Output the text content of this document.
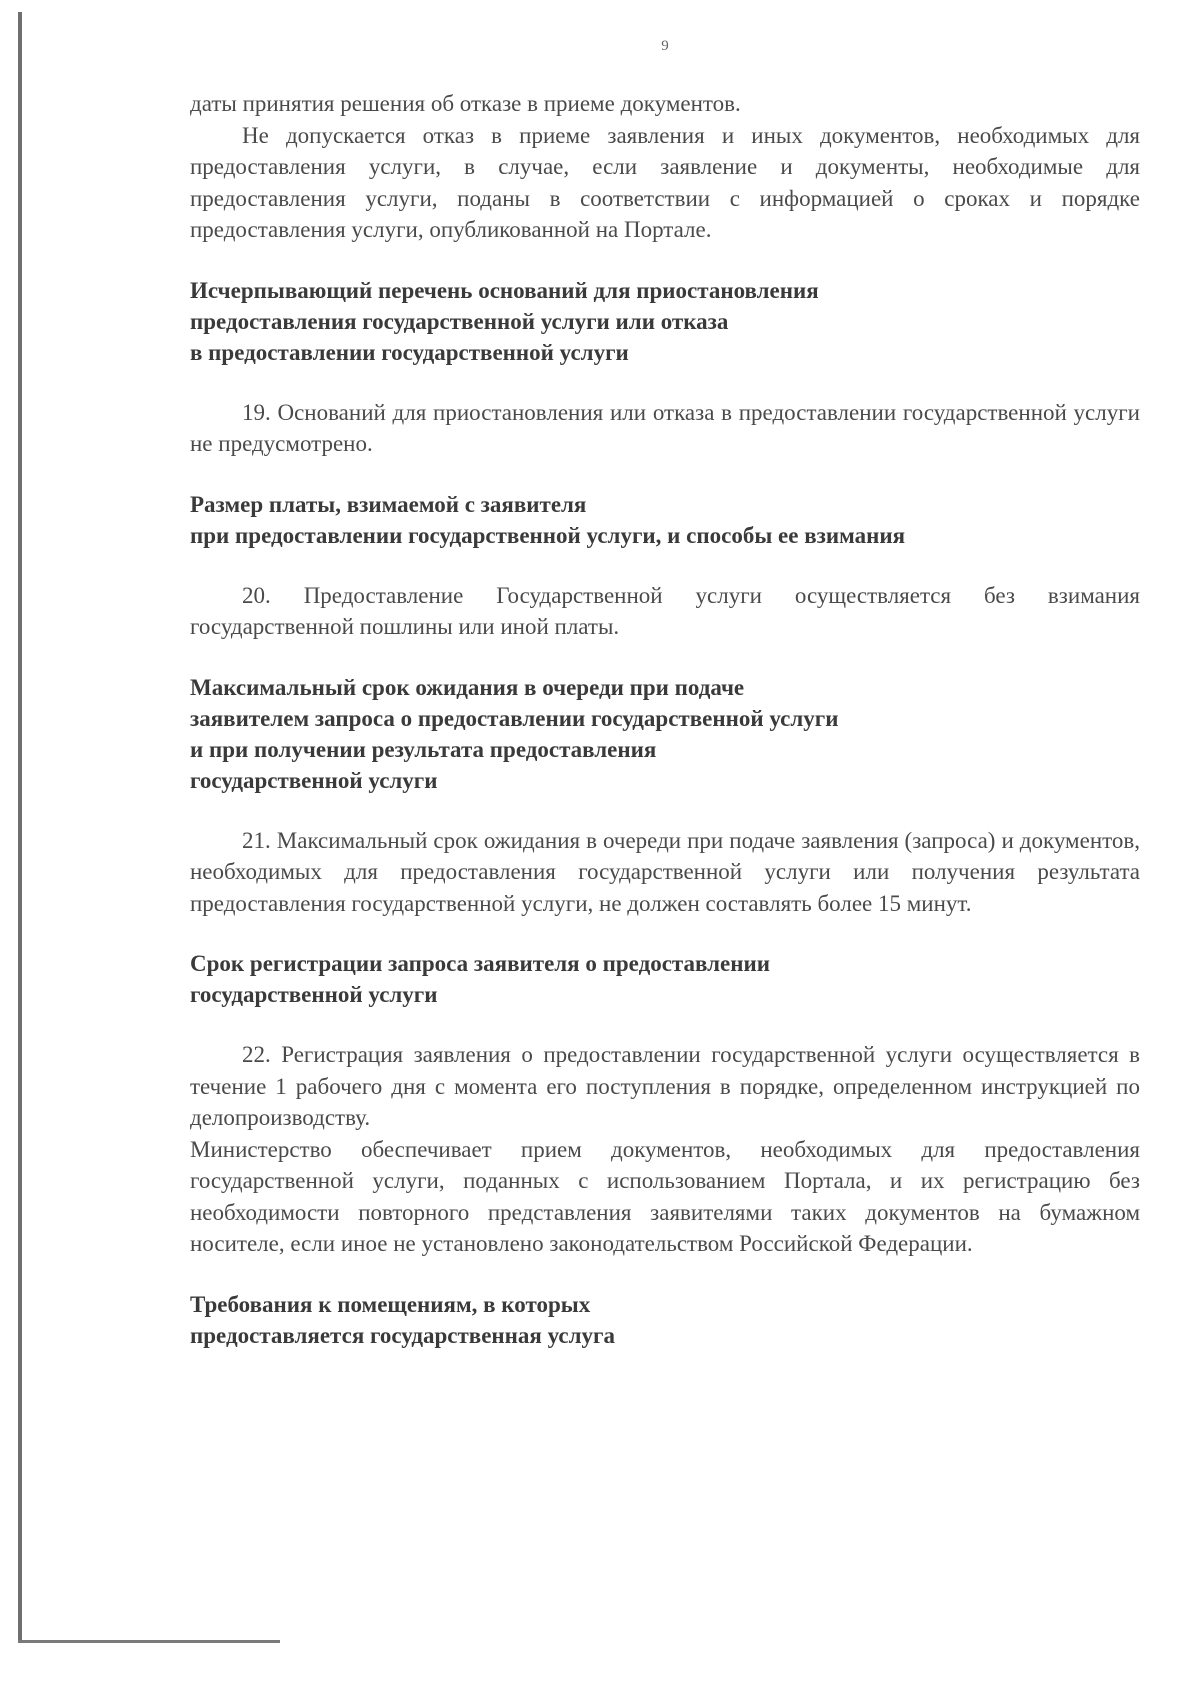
9

даты принятия решения об отказе в приеме документов.

Не допускается отказ в приеме заявления и иных документов, необходимых для предоставления услуги, в случае, если заявление и документы, необходимые для предоставления услуги, поданы в соответствии с информацией о сроках и порядке предоставления услуги, опубликованной на Портале.

Исчерпывающий перечень оснований для приостановления

предоставления государственной услуги или отказа

в предоставлении государственной услуги

19. Оснований для приостановления или отказа в предоставлении государственной услуги не предусмотрено.

Размер платы, взимаемой с заявителя

при предоставлении государственной услуги, и способы ее взимания

20. Предоставление Государственной услуги осуществляется без взимания государственной пошлины или иной платы.

Максимальный срок ожидания в очереди при подаче

заявителем запроса о предоставлении государственной услуги

и при получении результата предоставления

государственной услуги

21. Максимальный срок ожидания в очереди при подаче заявления (запроса) и документов, необходимых для предоставления государственной услуги или получения результата предоставления государственной услуги, не должен составлять более 15 минут.

Срок регистрации запроса заявителя о предоставлении

государственной услуги

22. Регистрация заявления о предоставлении государственной услуги осуществляется в течение 1 рабочего дня с момента его поступления в порядке, определенном инструкцией по делопроизводству.

Министерство обеспечивает прием документов, необходимых для предоставления государственной услуги, поданных с использованием Портала, и их регистрацию без необходимости повторного представления заявителями таких документов на бумажном носителе, если иное не установлено законодательством Российской Федерации.

Требования к помещениям, в которых

предоставляется государственная услуга
